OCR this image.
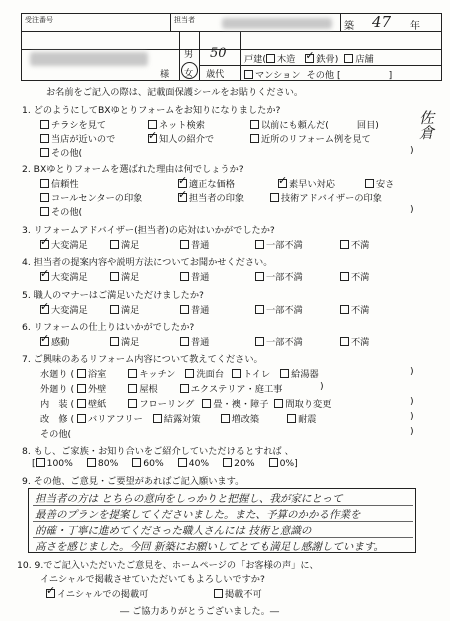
受注番号	担当者
築 47 年
様
男
女
50
歳代
戸建( 木造 ✓ 鉄骨) 店舗
マンション その他 [	]
お名前をご記入の際は、記載面保護シールをお貼りください。
佐倉
1. どのようにしてBXゆとりフォームをお知りになりましたか?
チラシを見て	ネット検索	以前にも頼んだ(	回目)
当店が近いので ✓	知人の紹介で	近所のリフォーム例を見て
その他(	)
2. BXゆとりフォームを選ばれた理由は何でしょうか?
信頼性 ✓	適正な価格 ✓	素早い対応	安さ
コールセンターの印象 ✓	担当者の印象	技術アドバイザーの印象
その他(	)
3. リフォームアドバイザー(担当者)の応対はいかがでしたか?
✓大変満足	満足	普通	一部不満	不満
4. 担当者の提案内容や説明方法についてお聞かせください。
✓大変満足	満足	普通	一部不満	不満
5. 職人のマナーはご満足いただけましたか?
✓大変満足	満足	普通	一部不満	不満
6. リフォームの仕上りはいかがでしたか?
✓感動	満足	普通	一部不満	不満
7. ご興味のあるリフォーム内容について教えてください。
水廻り ( 浴室	キッチン 洗面台 トイレ 給湯器	)
外廻り ( 外壁	屋根	エクステリア・庭工事	)
内　装 ( 壁紙	フローリング 畳・襖・障子 間取り変更	)
改　修 ( バリアフリー 結露対策	増改築	耐震	)
その他(	)
8. もし、ご家族・お知り合いをご紹介していただけるとすれば 、
[ 100%	80%	60%	40%	20%	0%]
9. その他、ご意見・ご要望があればご記入願います。
担当者の方は とちらの意向をしっかりと把握し、我が家にとって
最善のプランを提案してくださいました。また、予算のかかる作業を
的確・丁寧に進めてくださった職人さんには 技術と意識の
高さを感じました。今回 新築にお願いしてとても満足し感謝しています。
10. 9.でご記入いただいたご意見を、ホームページの「お客様の声」に、
イニシャルで掲載させていただいてもよろしいですか?
✓イニシャルでの掲載可	掲載不可
― ご協力ありがとうございました。―
